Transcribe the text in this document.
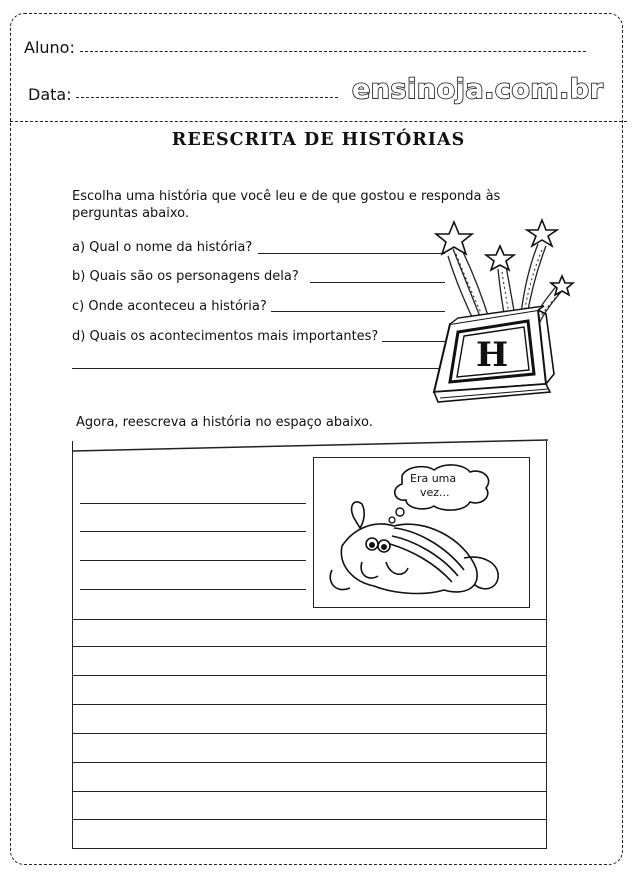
Aluno:
Data:	ensinoja.com.br
REESCRITA DE HISTÓRIAS
Escolha uma história que você leu e de que gostou e responda às perguntas abaixo.
a) Qual o nome da história?
b) Quais são os personagens dela?
c) Onde aconteceu a história?
d) Quais os acontecimentos mais importantes?	H
Agora, reescreva a história no espaço abaixo.
Era uma
vez...
